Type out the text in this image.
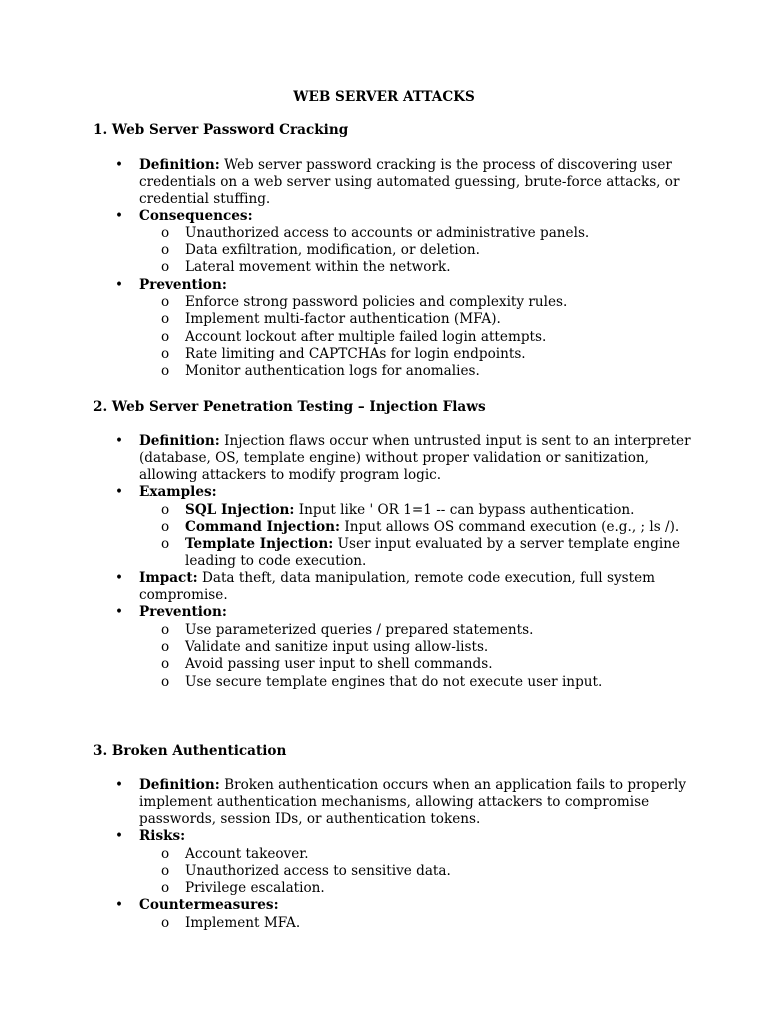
WEB SERVER ATTACKS
1. Web Server Password Cracking
• Definition: Web server password cracking is the process of discovering user
credentials on a web server using automated guessing, brute-force attacks, or
credential stuffing.
• Consequences:
o Unauthorized access to accounts or administrative panels.
o Data exfiltration, modification, or deletion.
o Lateral movement within the network.
• Prevention:
o Enforce strong password policies and complexity rules.
o Implement multi-factor authentication (MFA).
o Account lockout after multiple failed login attempts.
o Rate limiting and CAPTCHAs for login endpoints.
o Monitor authentication logs for anomalies.
2. Web Server Penetration Testing – Injection Flaws
• Definition: Injection flaws occur when untrusted input is sent to an interpreter
(database, OS, template engine) without proper validation or sanitization,
allowing attackers to modify program logic.
• Examples:
o SQL Injection: Input like ' OR 1=1 -- can bypass authentication.
o Command Injection: Input allows OS command execution (e.g., ; ls /).
o Template Injection: User input evaluated by a server template engine
leading to code execution.
• Impact: Data theft, data manipulation, remote code execution, full system
compromise.
• Prevention:
o Use parameterized queries / prepared statements.
o Validate and sanitize input using allow-lists.
o Avoid passing user input to shell commands.
o Use secure template engines that do not execute user input.
3. Broken Authentication
• Definition: Broken authentication occurs when an application fails to properly
implement authentication mechanisms, allowing attackers to compromise
passwords, session IDs, or authentication tokens.
• Risks:
o Account takeover.
o Unauthorized access to sensitive data.
o Privilege escalation.
• Countermeasures:
o Implement MFA.
